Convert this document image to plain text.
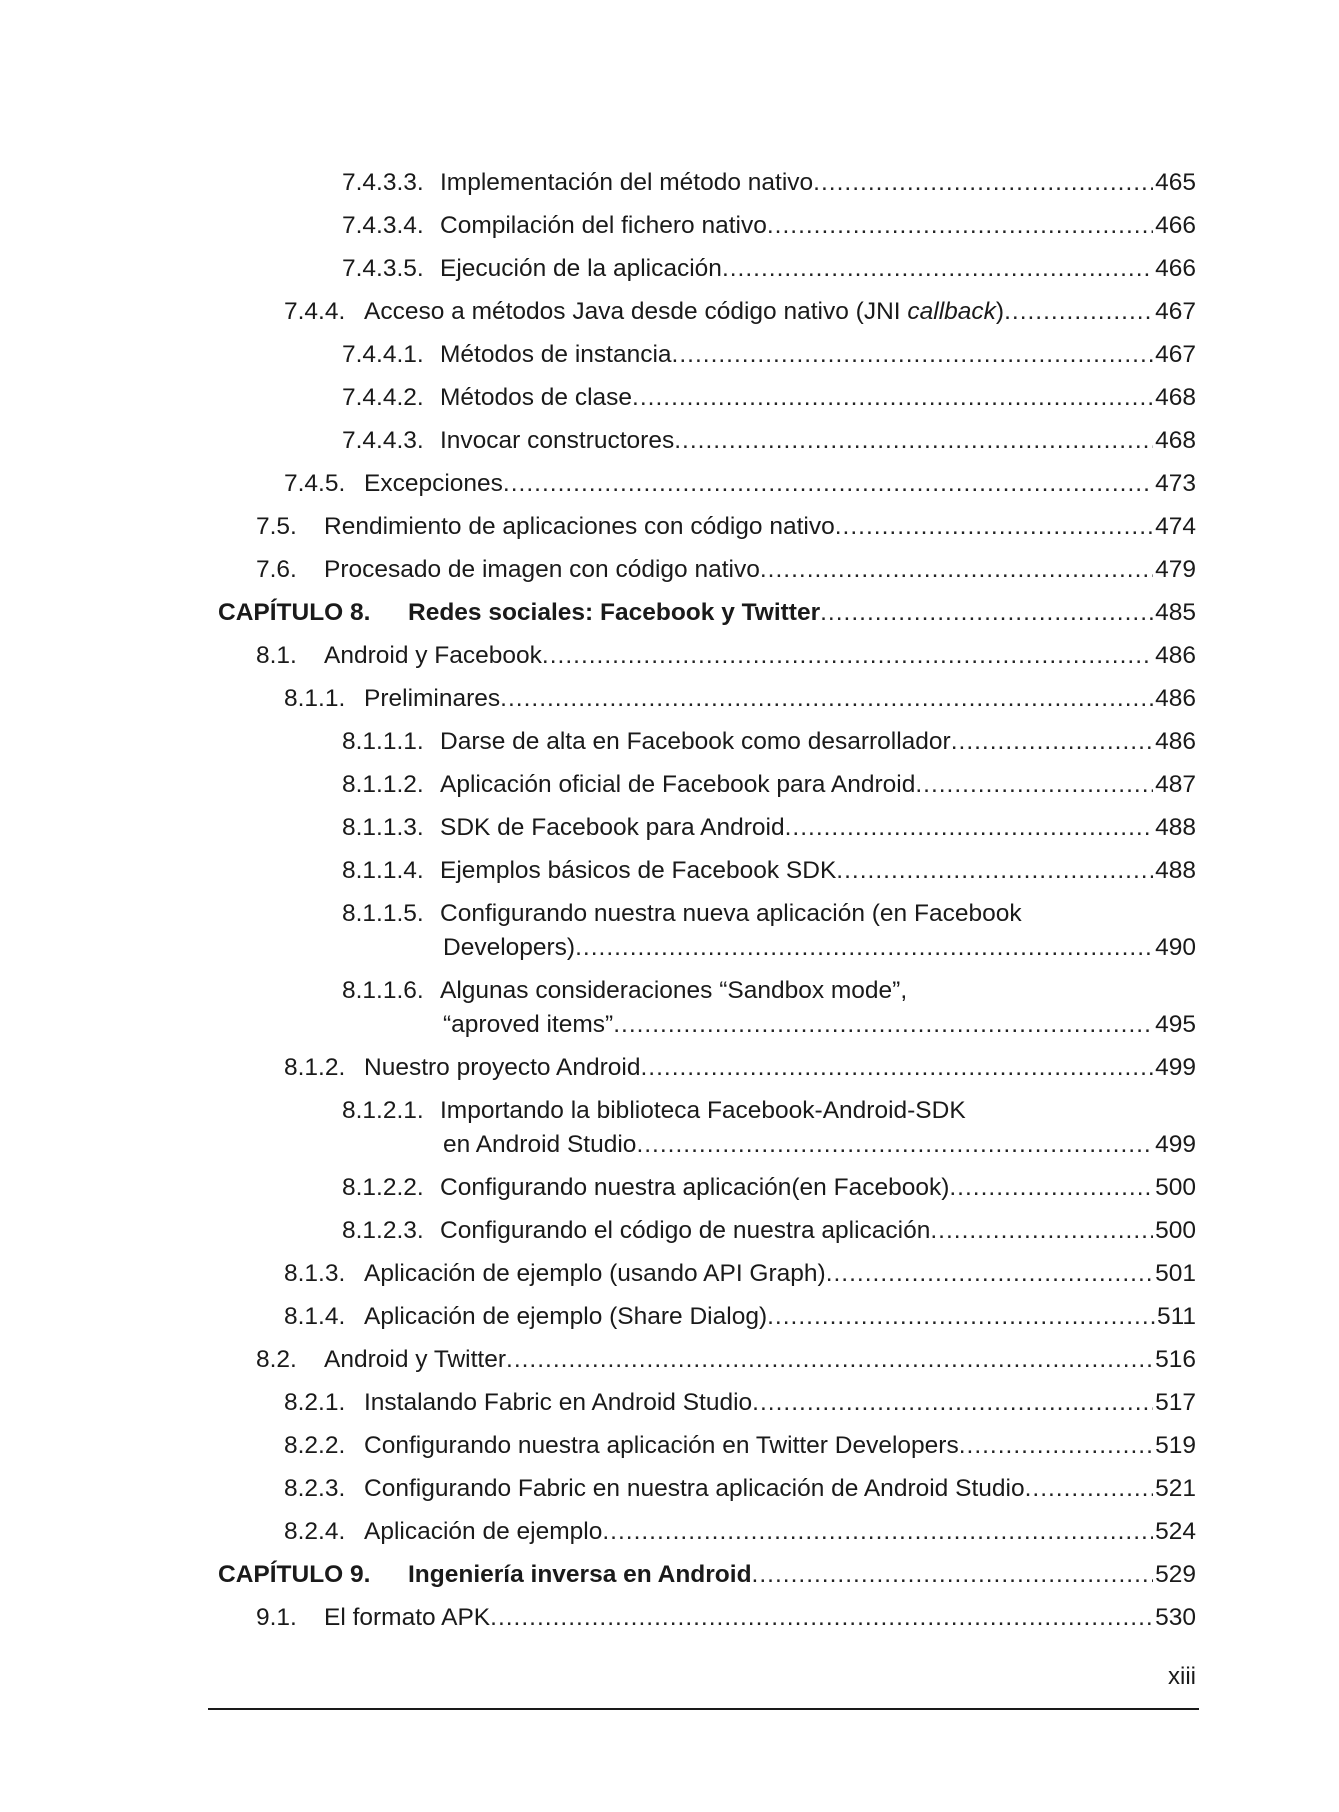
7.4.3.3. Implementación del método nativo .....	465
7.4.3.4. Compilación del fichero nativo .....	466
7.4.3.5. Ejecución de la aplicación .....	466
7.4.4. Acceso a métodos Java desde código nativo (JNI callback) .....	467
7.4.4.1. Métodos de instancia .....	467
7.4.4.2. Métodos de clase .....	468
7.4.4.3. Invocar constructores .....	468
7.4.5. Excepciones .....	473
7.5. Rendimiento de aplicaciones con código nativo .....	474
7.6. Procesado de imagen con código nativo .....	479
CAPÍTULO 8. Redes sociales: Facebook y Twitter .....	485
8.1. Android y Facebook .....	486
8.1.1. Preliminares .....	486
8.1.1.1. Darse de alta en Facebook como desarrollador .....	486
8.1.1.2. Aplicación oficial de Facebook para Android .....	487
8.1.1.3. SDK de Facebook para Android .....	488
8.1.1.4. Ejemplos básicos de Facebook SDK .....	488
8.1.1.5. Configurando nuestra nueva aplicación (en Facebook
Developers) .....	490
8.1.1.6. Algunas consideraciones “Sandbox mode”,
“aproved items” .....	495
8.1.2. Nuestro proyecto Android .....	499
8.1.2.1. Importando la biblioteca Facebook-Android-SDK
en Android Studio .....	499
8.1.2.2. Configurando nuestra aplicación(en Facebook) .....	500
8.1.2.3. Configurando el código de nuestra aplicación .....	500
8.1.3. Aplicación de ejemplo (usando API Graph) .....	501
8.1.4. Aplicación de ejemplo (Share Dialog) .....	511
8.2. Android y Twitter .....	516
8.2.1. Instalando Fabric en Android Studio .....	517
8.2.2. Configurando nuestra aplicación en Twitter Developers .....	519
8.2.3. Configurando Fabric en nuestra aplicación de Android Studio .....	521
8.2.4. Aplicación de ejemplo .....	524
CAPÍTULO 9. Ingeniería inversa en Android .....	529
9.1. El formato APK .....	530
xiii
